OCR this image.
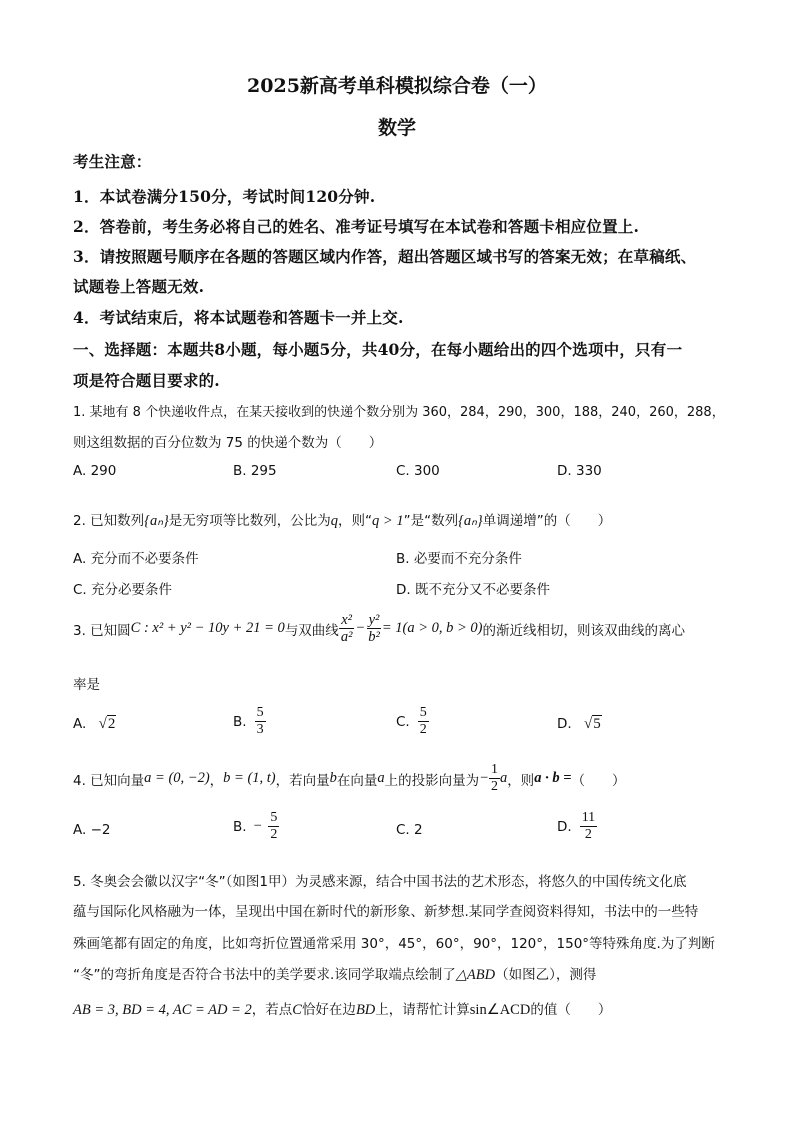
2025新高考单科模拟综合卷（一）
数学
考生注意：
1．本试卷满分150分，考试时间120分钟.
2．答卷前，考生务必将自己的姓名、准考证号填写在本试卷和答题卡相应位置上.
3．请按照题号顺序在各题的答题区域内作答，超出答题区域书写的答案无效；在草稿纸、
试题卷上答题无效.
4．考试结束后，将本试题卷和答题卡一并上交.
一、选择题：本题共8小题，每小题5分，共40分，在每小题给出的四个选项中，只有一
项是符合题目要求的.
1. 某地有 8 个快递收件点，在某天接收到的快递个数分别为 360，284，290，300，188，240，260，288，
则这组数据的百分位数为 75 的快递个数为（　　）
A. 290	B. 295	C. 300	D. 330
2. 已知数列{aₙ}是无穷项等比数列，公比为q，则“q > 1”是“数列{aₙ}单调递增”的（　　）
A. 充分而不必要条件	B. 必要而不充分条件
C. 充分必要条件	D. 既不充分又不必要条件
3. 已知圆 C : x² + y² − 10y + 21 = 0 与双曲线 $\frac{\text{x²}}{\text{a²}} - \frac{\text{y²}}{\text{b²}} = 1(a > 0$, b > 0) 的渐近线相切，则该双曲线的离心
率是
A. √2	B. $\frac{5}{3}$	C. $\frac{5}{2}$	D. √5
4. 已知向量 a = (0, −2) ， b = (1, t) ，若向量 b 在向量 a 上的投影向量为 − $\frac{1}{2}$ a ，则 a · b = （　　）
A. −2	B. − $\frac{5}{2}$	C. 2	D. $\frac{11}{2}$
5. 冬奥会会徽以汉字“冬”（如图1甲）为灵感来源，结合中国书法的艺术形态，将悠久的中国传统文化底
蕴与国际化风格融为一体，呈现出中国在新时代的新形象、新梦想.某同学查阅资料得知，书法中的一些特
殊画笔都有固定的角度，比如弯折位置通常采用 30°，45°，60°，90°，120°，150°等特殊角度.为了判断
“冬”的弯折角度是否符合书法中的美学要求.该同学取端点绘制了△ABD（如图乙），测得
AB = 3, BD = 4, AC = AD = 2，若点C恰好在边BD上，请帮忙计算sin∠ACD的值（　　）
